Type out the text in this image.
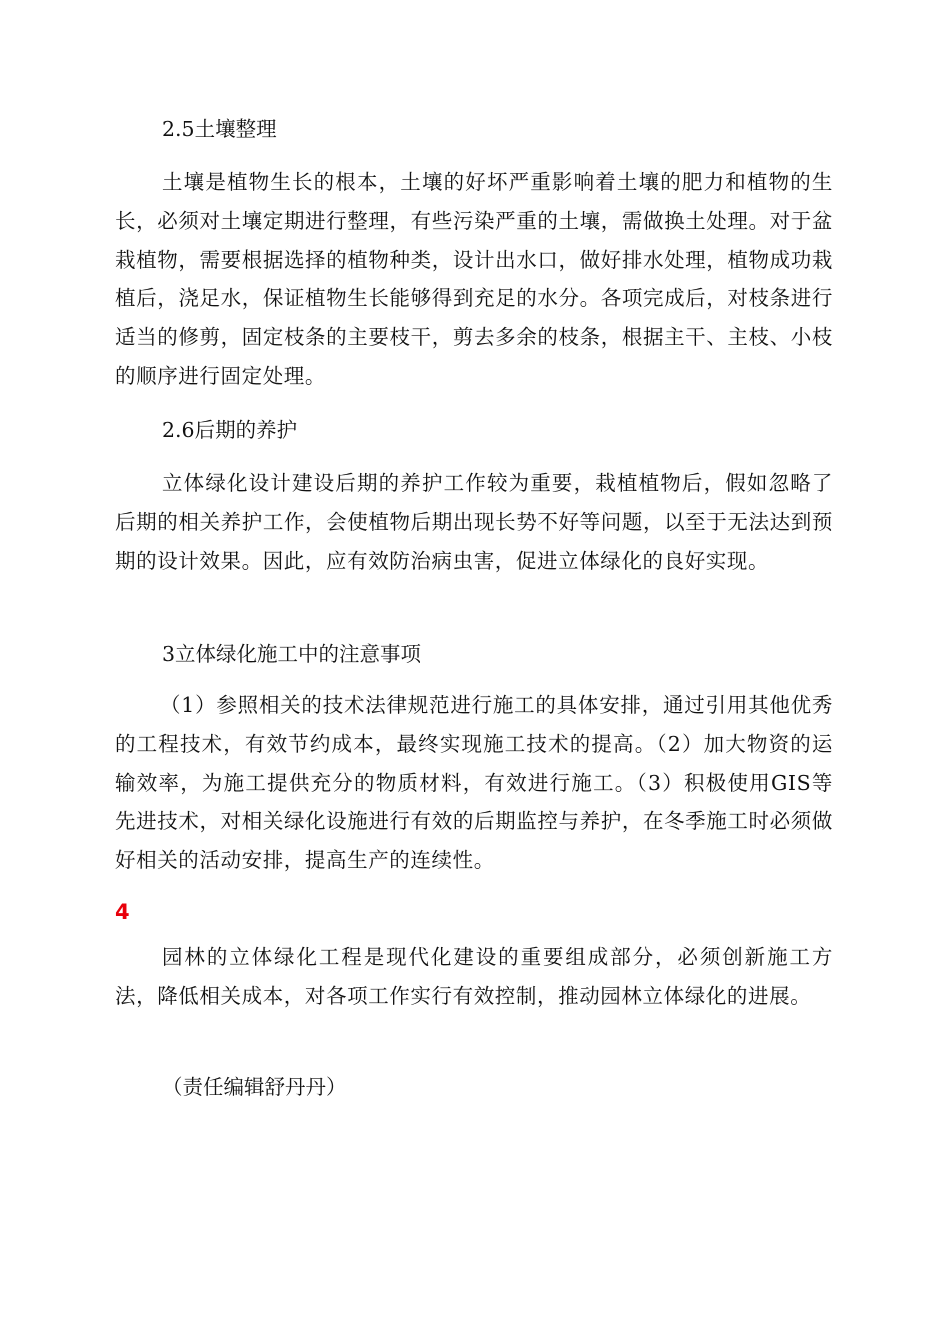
2.5土壤整理

土壤是植物生长的根本，土壤的好坏严重影响着土壤的肥力和植物的生长，必须对土壤定期进行整理，有些污染严重的土壤，需做换土处理。对于盆栽植物，需要根据选择的植物种类，设计出水口，做好排水处理，植物成功栽植后，浇足水，保证植物生长能够得到充足的水分。各项完成后，对枝条进行适当的修剪，固定枝条的主要枝干，剪去多余的枝条，根据主干、主枝、小枝的顺序进行固定处理。

2.6后期的养护

立体绿化设计建设后期的养护工作较为重要，栽植植物后，假如忽略了后期的相关养护工作，会使植物后期出现长势不好等问题，以至于无法达到预期的设计效果。因此，应有效防治病虫害，促进立体绿化的良好实现。

3立体绿化施工中的注意事项

（1）参照相关的技术法律规范进行施工的具体安排，通过引用其他优秀的工程技术，有效节约成本，最终实现施工技术的提高。（2）加大物资的运输效率，为施工提供充分的物质材料，有效进行施工。（3）积极使用GIS等先进技术，对相关绿化设施进行有效的后期监控与养护，在冬季施工时必须做好相关的活动安排，提高生产的连续性。

4

园林的立体绿化工程是现代化建设的重要组成部分，必须创新施工方法，降低相关成本，对各项工作实行有效控制，推动园林立体绿化的进展。

（责任编辑舒丹丹）
